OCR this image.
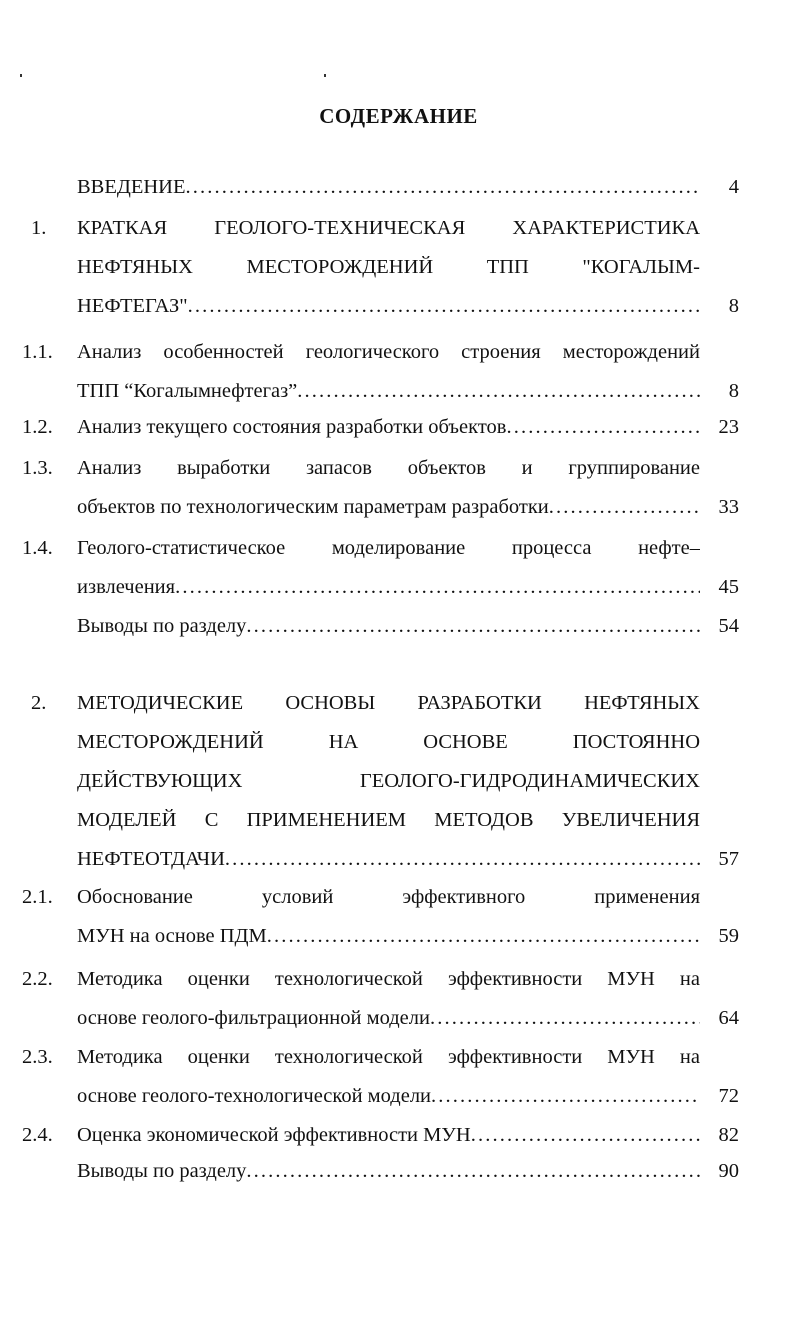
СОДЕРЖАНИЕ
ВВЕДЕНИЕ . . .	4
1. КРАТКАЯ ГЕОЛОГО-ТЕХНИЧЕСКАЯ ХАРАКТЕРИСТИКА
НЕФТЯНЫХ МЕСТОРОЖДЕНИЙ ТПП "КОГАЛЫМ-
НЕФТЕГАЗ" . . .	8
1.1. Анализ особенностей геологического строения месторождений
ТПП “Когалымнефтегаз” . . .	8
1.2. Анализ текущего состояния разработки объектов . . .	23
1.3. Анализ выработки запасов объектов и группирование
объектов по технологическим параметрам разработки . . .	33
1.4. Геолого-статистическое моделирование процесса нефте–
извлечения . . .	45
Выводы по разделу . . .	54
2. МЕТОДИЧЕСКИЕ ОСНОВЫ РАЗРАБОТКИ НЕФТЯНЫХ
МЕСТОРОЖДЕНИЙ НА ОСНОВЕ ПОСТОЯННО
ДЕЙСТВУЮЩИХ ГЕОЛОГО-ГИДРОДИНАМИЧЕСКИХ
МОДЕЛЕЙ С ПРИМЕНЕНИЕМ МЕТОДОВ УВЕЛИЧЕНИЯ
НЕФТЕОТДАЧИ . . .	57
2.1. Обоснование условий эффективного применения
МУН на основе ПДМ . . .	59
2.2. Методика оценки технологической эффективности МУН на
основе геолого-фильтрационной модели . . .	64
2.3. Методика оценки технологической эффективности МУН на
основе геолого-технологической модели . . .	72
2.4. Оценка экономической эффективности МУН . . .	82
Выводы по разделу . . .	90
